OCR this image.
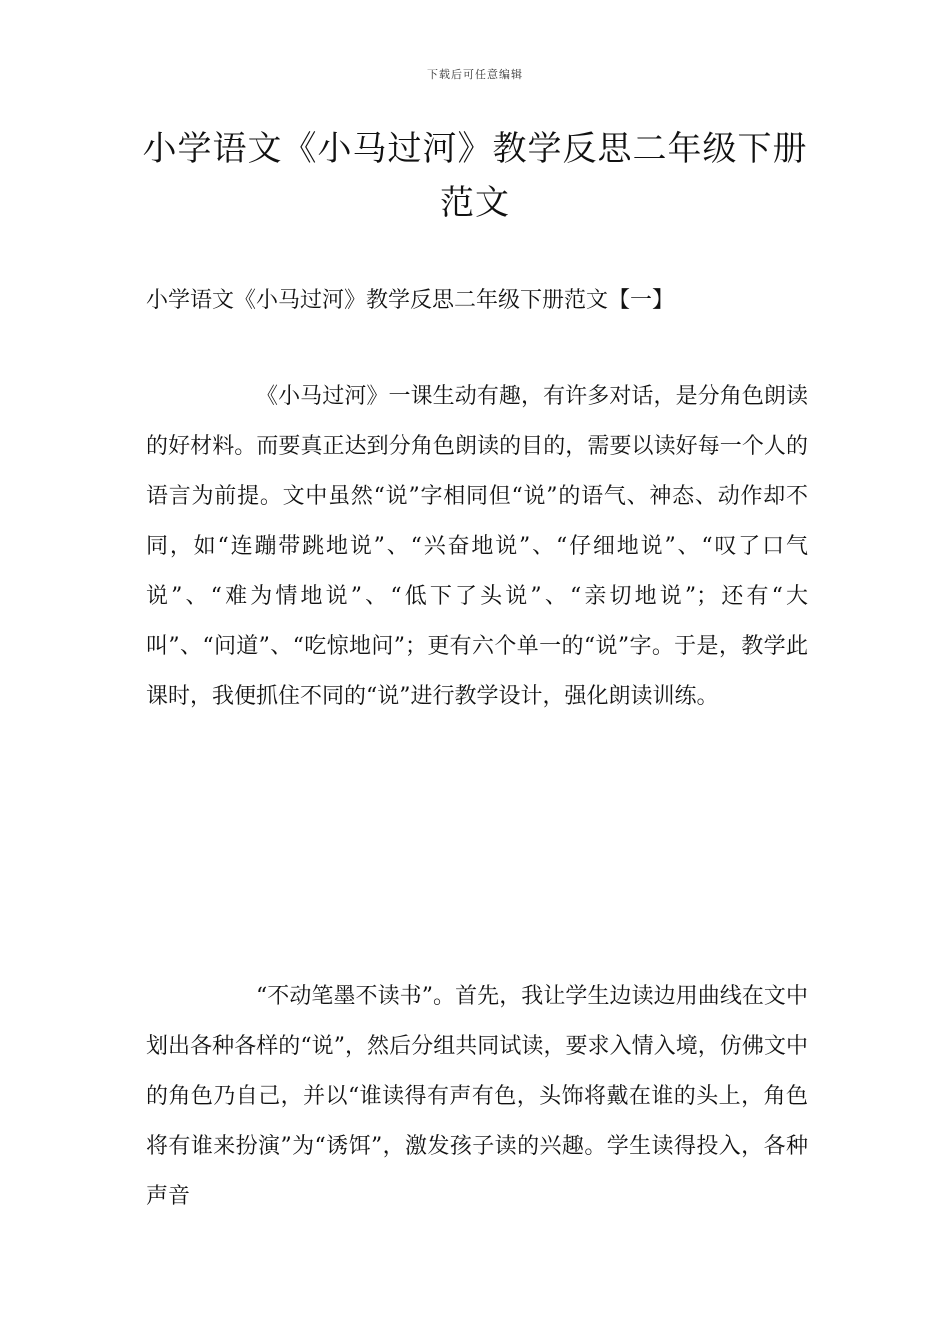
下载后可任意编辑
小学语文《小马过河》教学反思二年级下册范文
小学语文《小马过河》教学反思二年级下册范文【一】

《小马过河》一课生动有趣，有许多对话，是分角色朗读的好材料。而要真正达到分角色朗读的目的，需要以读好每一个人的语言为前提。文中虽然“说”字相同但“说”的语气、神态、动作却不同，如“连蹦带跳地说”、“兴奋地说”、“仔细地说”、“叹了口气说”、“难为情地说”、“低下了头说”、“亲切地说”；还有“大叫”、“问道”、“吃惊地问”；更有六个单一的“说”字。于是，教学此课时，我便抓住不同的“说”进行教学设计，强化朗读训练。

“不动笔墨不读书”。首先，我让学生边读边用曲线在文中划出各种各样的“说”，然后分组共同试读，要求入情入境，仿佛文中的角色乃自己，并以“谁读得有声有色，头饰将戴在谁的头上，角色将有谁来扮演”为“诱饵”，激发孩子读的兴趣。学生读得投入，各种声音
